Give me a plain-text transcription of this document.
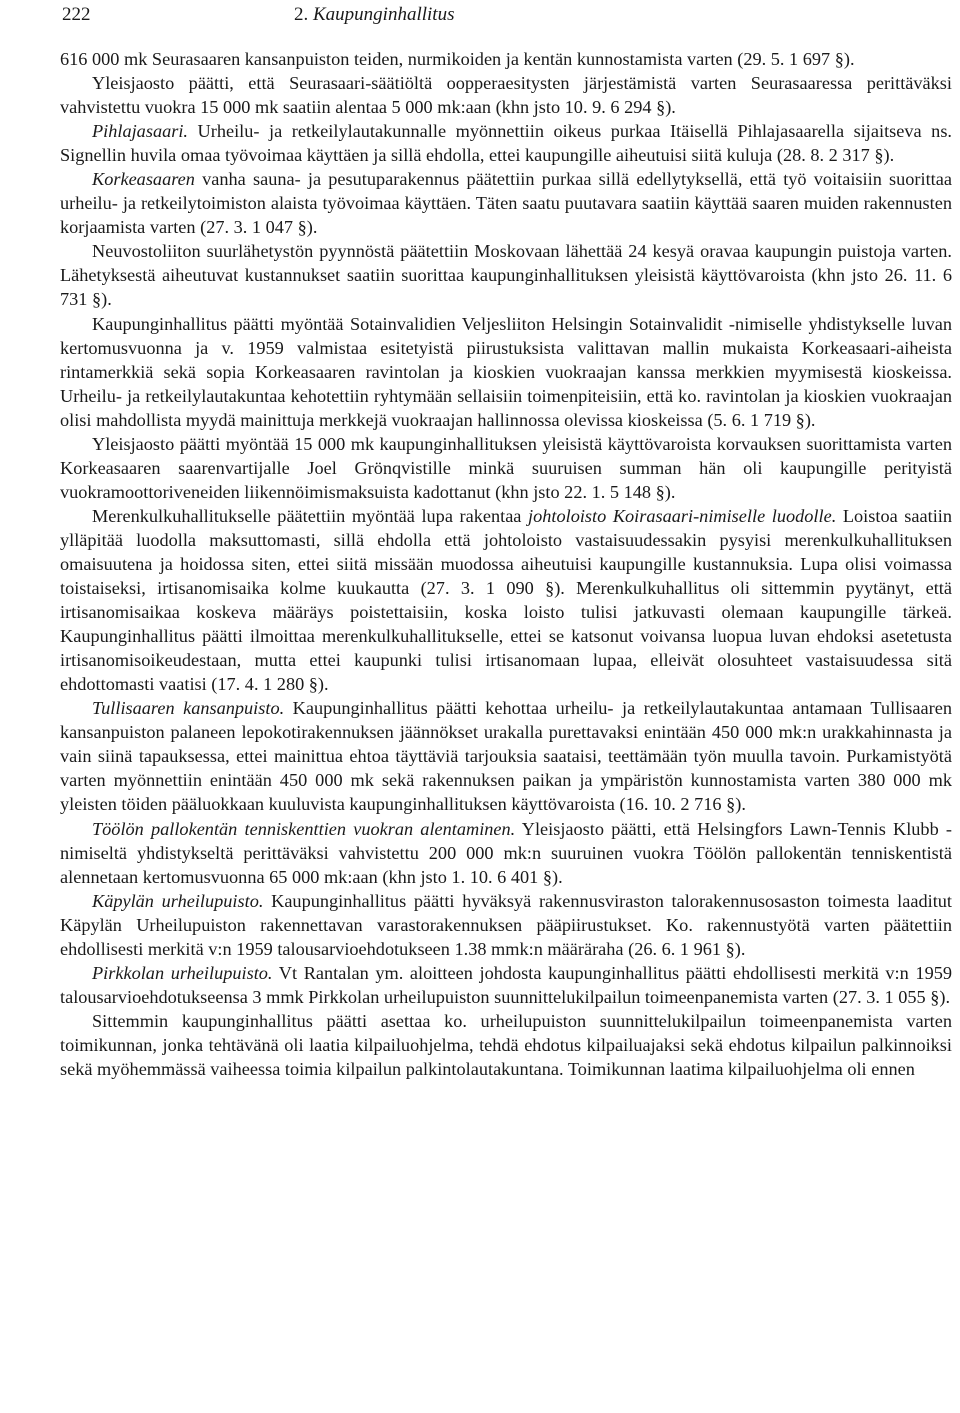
222	2. Kaupunginhallitus

616 000 mk Seurasaaren kansanpuiston teiden, nurmikoiden ja kentän kunnostamista varten (29. 5. 1 697 §).

Yleisjaosto päätti, että Seurasaari-säätiöltä oopperaesitysten järjestämistä varten Seurasaaressa perittäväksi vahvistettu vuokra 15 000 mk saatiin alentaa 5 000 mk:aan (khn jsto 10. 9. 6 294 §).

Pihlajasaari. Urheilu- ja retkeilylautakunnalle myönnettiin oikeus purkaa Itäisellä Pihlajasaarella sijaitseva ns. Signellin huvila omaa työvoimaa käyttäen ja sillä ehdolla, ettei kaupungille aiheutuisi siitä kuluja (28. 8. 2 317 §).

Korkeasaaren vanha sauna- ja pesutuparakennus päätettiin purkaa sillä edellytyksellä, että työ voitaisiin suorittaa urheilu- ja retkeilytoimiston alaista työvoimaa käyttäen. Täten saatu puutavara saatiin käyttää saaren muiden rakennusten korjaamista varten (27. 3. 1 047 §).

Neuvostoliiton suurlähetystön pyynnöstä päätettiin Moskovaan lähettää 24 kesyä oravaa kaupungin puistoja varten. Lähetyksestä aiheutuvat kustannukset saatiin suorittaa kaupunginhallituksen yleisistä käyttövaroista (khn jsto 26. 11. 6 731 §).

Kaupunginhallitus päätti myöntää Sotainvalidien Veljesliiton Helsingin Sotainvalidit -nimiselle yhdistykselle luvan kertomusvuonna ja v. 1959 valmistaa esitetyistä piirustuksista valittavan mallin mukaista Korkeasaari-aiheista rintamerkkiä sekä sopia Korkeasaaren ravintolan ja kioskien vuokraajan kanssa merkkien myymisestä kioskeissa. Urheilu- ja retkeilylautakuntaa kehotettiin ryhtymään sellaisiin toimenpiteisiin, että ko. ravintolan ja kioskien vuokraajan olisi mahdollista myydä mainittuja merkkejä vuokraajan hallinnossa olevissa kioskeissa (5. 6. 1 719 §).

Yleisjaosto päätti myöntää 15 000 mk kaupunginhallituksen yleisistä käyttövaroista korvauksen suorittamista varten Korkeasaaren saarenvartijalle Joel Grönqvistille minkä suuruisen summan hän oli kaupungille perityistä vuokramoottoriveneiden liikennöimismaksuista kadottanut (khn jsto 22. 1. 5 148 §).

Merenkulkuhallitukselle päätettiin myöntää lupa rakentaa johtoloisto Koirasaari-nimiselle luodolle. Loistoa saatiin ylläpitää luodolla maksuttomasti, sillä ehdolla että johtoloisto vastaisuudessakin pysyisi merenkulkuhallituksen omaisuutena ja hoidossa siten, ettei siitä missään muodossa aiheutuisi kaupungille kustannuksia. Lupa olisi voimassa toistaiseksi, irtisanomisaika kolme kuukautta (27. 3. 1 090 §). Merenkulkuhallitus oli sittemmin pyytänyt, että irtisanomisaikaa koskeva määräys poistettaisiin, koska loisto tulisi jatkuvasti olemaan kaupungille tärkeä. Kaupunginhallitus päätti ilmoittaa merenkulkuhallitukselle, ettei se katsonut voivansa luopua luvan ehdoksi asetetusta irtisanomisoikeudestaan, mutta ettei kaupunki tulisi irtisanomaan lupaa, elleivät olosuhteet vastaisuudessa sitä ehdottomasti vaatisi (17. 4. 1 280 §).

Tullisaaren kansanpuisto. Kaupunginhallitus päätti kehottaa urheilu- ja retkeilylautakuntaa antamaan Tullisaaren kansanpuiston palaneen lepokotirakennuksen jäännökset urakalla purettavaksi enintään 450 000 mk:n urakkahinnasta ja vain siinä tapauksessa, ettei mainittua ehtoa täyttäviä tarjouksia saataisi, teettämään työn muulla tavoin. Purkamistyötä varten myönnettiin enintään 450 000 mk sekä rakennuksen paikan ja ympäristön kunnostamista varten 380 000 mk yleisten töiden pääluokkaan kuuluvista kaupunginhallituksen käyttövaroista (16. 10. 2 716 §).

Töölön pallokentän tenniskenttien vuokran alentaminen. Yleisjaosto päätti, että Helsingfors Lawn-Tennis Klubb -nimiseltä yhdistykseltä perittäväksi vahvistettu 200 000 mk:n suuruinen vuokra Töölön pallokentän tenniskentistä alennetaan kertomusvuonna 65 000 mk:aan (khn jsto 1. 10. 6 401 §).

Käpylän urheilupuisto. Kaupunginhallitus päätti hyväksyä rakennusviraston talorakennusosaston toimesta laaditut Käpylän Urheilupuiston rakennettavan varastorakennuksen pääpiirustukset. Ko. rakennustyötä varten päätettiin ehdollisesti merkitä v:n 1959 talousarvioehdotukseen 1.38 mmk:n määräraha (26. 6. 1 961 §).

Pirkkolan urheilupuisto. Vt Rantalan ym. aloitteen johdosta kaupunginhallitus päätti ehdollisesti merkitä v:n 1959 talousarvioehdotukseensa 3 mmk Pirkkolan urheilupuiston suunnittelukilpailun toimeenpanemista varten (27. 3. 1 055 §).

Sittemmin kaupunginhallitus päätti asettaa ko. urheilupuiston suunnittelukilpailun toimeenpanemista varten toimikunnan, jonka tehtävänä oli laatia kilpailuohjelma, tehdä ehdotus kilpailuajaksi sekä ehdotus kilpailun palkinnoiksi sekä myöhemmässä vaiheessa toimia kilpailun palkintolautakuntana. Toimikunnan laatima kilpailuohjelma oli ennen
